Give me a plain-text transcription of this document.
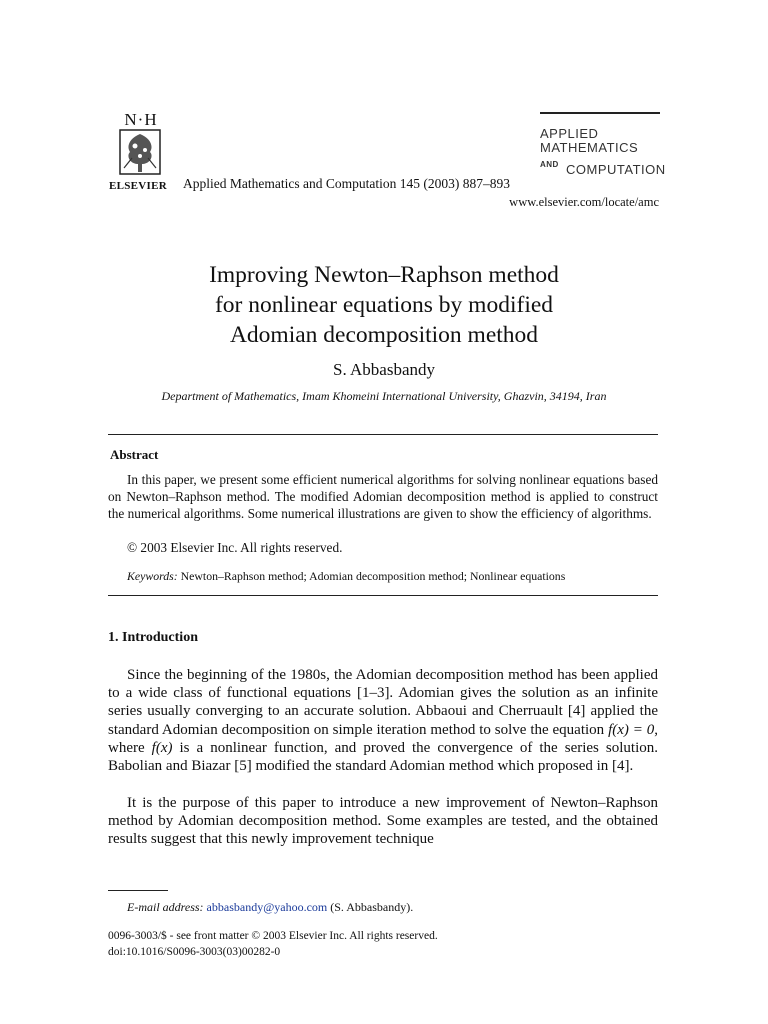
N·H
ELSEVIER Applied Mathematics and Computation 145 (2003) 887–893
APPLIED
MATHEMATICS
AND COMPUTATION
www.elsevier.com/locate/amc
Improving Newton–Raphson method
for nonlinear equations by modified
Adomian decomposition method
S. Abbasbandy
Department of Mathematics, Imam Khomeini International University, Ghazvin, 34194, Iran
Abstract
In this paper, we present some efficient numerical algorithms for solving nonlinear equations based on Newton–Raphson method. The modified Adomian decomposition method is applied to construct the numerical algorithms. Some numerical illustrations are given to show the efficiency of algorithms.
© 2003 Elsevier Inc. All rights reserved.
Keywords: Newton–Raphson method; Adomian decomposition method; Nonlinear equations
1. Introduction
Since the beginning of the 1980s, the Adomian decomposition method has been applied to a wide class of functional equations [1–3]. Adomian gives the solution as an infinite series usually converging to an accurate solution. Abbaoui and Cherruault [4] applied the standard Adomian decomposition on simple iteration method to solve the equation f(x) = 0, where f(x) is a nonlinear function, and proved the convergence of the series solution. Babolian and Biazar [5] modified the standard Adomian method which proposed in [4].
It is the purpose of this paper to introduce a new improvement of Newton–Raphson method by Adomian decomposition method. Some examples are tested, and the obtained results suggest that this newly improvement technique
E-mail address: abbasbandy@yahoo.com (S. Abbasbandy).
0096-3003/$ - see front matter © 2003 Elsevier Inc. All rights reserved.
doi:10.1016/S0096-3003(03)00282-0
